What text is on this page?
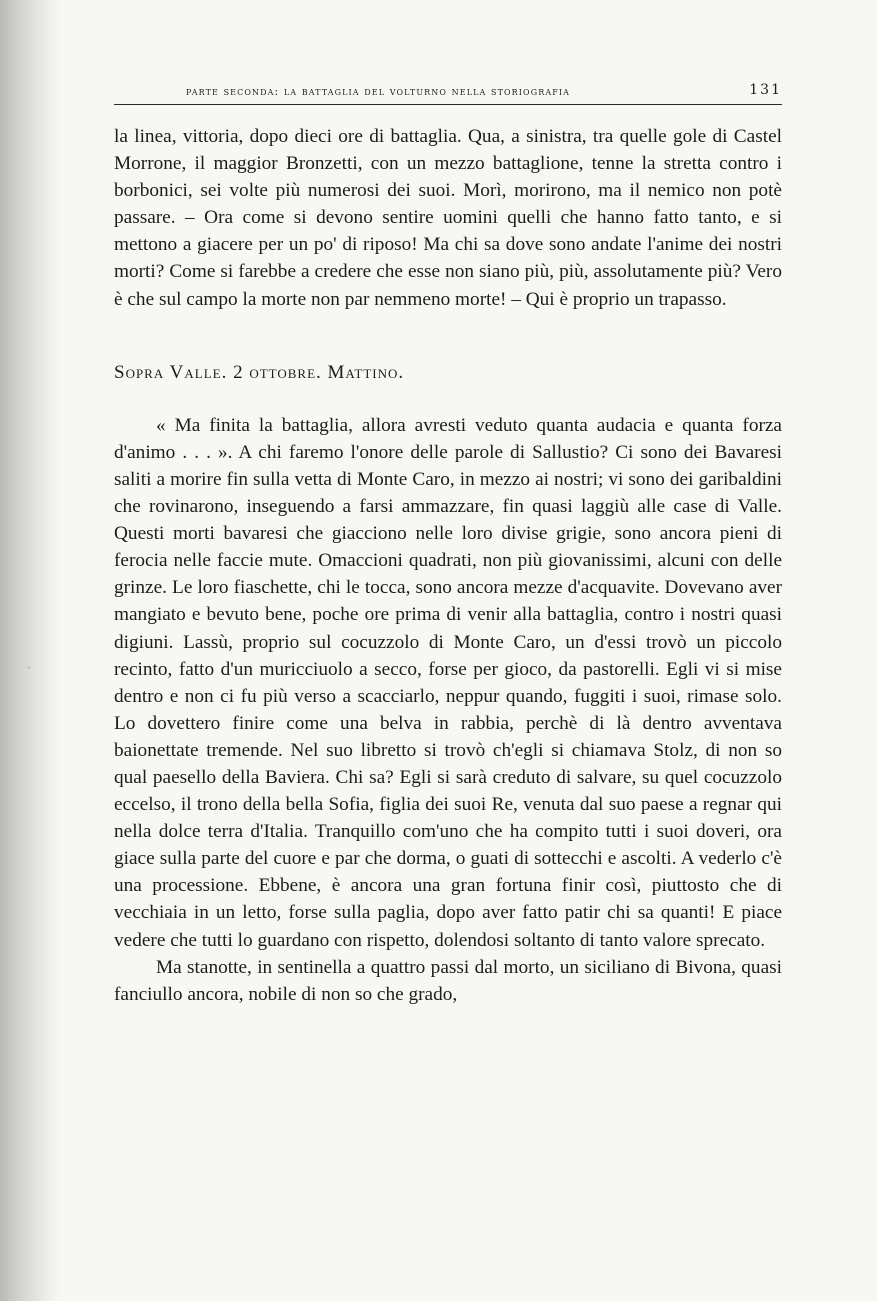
parte seconda: la battaglia del volturno nella storiografia	131

la linea, vittoria, dopo dieci ore di battaglia. Qua, a sinistra, tra quelle gole di Castel Morrone, il maggior Bronzetti, con un mezzo battaglione, tenne la stretta contro i borbonici, sei volte più numerosi dei suoi. Morì, morirono, ma il nemico non potè passare. – Ora come si devono sentire uomini quelli che hanno fatto tanto, e si mettono a giacere per un po' di riposo! Ma chi sa dove sono andate l'anime dei nostri morti? Come si farebbe a credere che esse non siano più, più, assolutamente più? Vero è che sul campo la morte non par nemmeno morte! – Qui è proprio un trapasso.

Sopra Valle. 2 ottobre. Mattino.

« Ma finita la battaglia, allora avresti veduto quanta audacia e quanta forza d'animo . . . ». A chi faremo l'onore delle parole di Sallustio? Ci sono dei Bavaresi saliti a morire fin sulla vetta di Monte Caro, in mezzo ai nostri; vi sono dei garibaldini che rovinarono, inseguendo a farsi ammazzare, fin quasi laggiù alle case di Valle. Questi morti bavaresi che giacciono nelle loro divise grigie, sono ancora pieni di ferocia nelle faccie mute. Omaccioni quadrati, non più giovanissimi, alcuni con delle grinze. Le loro fiaschette, chi le tocca, sono ancora mezze d'acquavite. Dovevano aver mangiato e bevuto bene, poche ore prima di venir alla battaglia, contro i nostri quasi digiuni. Lassù, proprio sul cocuzzolo di Monte Caro, un d'essi trovò un piccolo recinto, fatto d'un muricciuolo a secco, forse per gioco, da pastorelli. Egli vi si mise dentro e non ci fu più verso a scacciarlo, neppur quando, fuggiti i suoi, rimase solo. Lo dovettero finire come una belva in rabbia, perchè di là dentro avventava baionettate tremende. Nel suo libretto si trovò ch'egli si chiamava Stolz, di non so qual paesello della Baviera. Chi sa? Egli si sarà creduto di salvare, su quel cocuzzolo eccelso, il trono della bella Sofia, figlia dei suoi Re, venuta dal suo paese a regnar qui nella dolce terra d'Italia. Tranquillo com'uno che ha compito tutti i suoi doveri, ora giace sulla parte del cuore e par che dorma, o guati di sottecchi e ascolti. A vederlo c'è una processione. Ebbene, è ancora una gran fortuna finir così, piuttosto che di vecchiaia in un letto, forse sulla paglia, dopo aver fatto patir chi sa quanti! E piace vedere che tutti lo guardano con rispetto, dolendosi soltanto di tanto valore sprecato.

Ma stanotte, in sentinella a quattro passi dal morto, un siciliano di Bivona, quasi fanciullo ancora, nobile di non so che grado,
